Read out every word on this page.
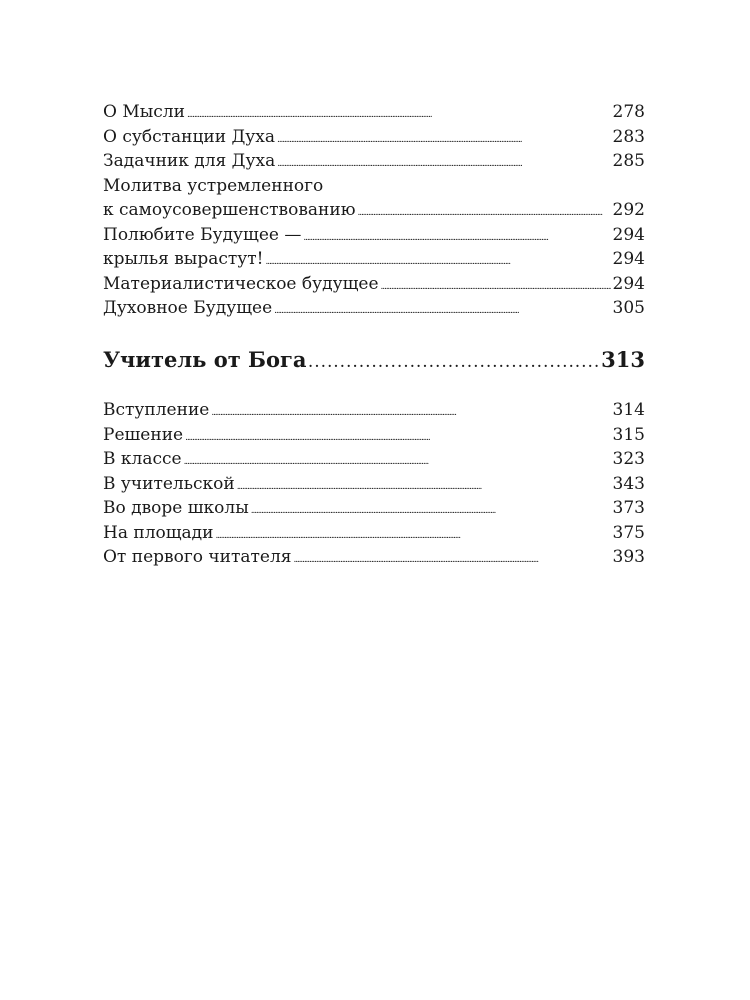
О Мысли . . .	278
О субстанции Духа . . .	283
Задачник для Духа . . .	285
Молитва устремленного
к самоусовершенствованию . . .	292
Полюбите Будущее — . . .	294
крылья вырастут! . . .	294
Материалистическое будущее . . .	294
Духовное Будущее . . .	305
Учитель от Бога . . .	313
Вступление . . .	314
Решение . . .	315
В классе . . .	323
В учительской . . .	343
Во дворе школы . . .	373
На площади . . .	375
От первого читателя . . .	393
